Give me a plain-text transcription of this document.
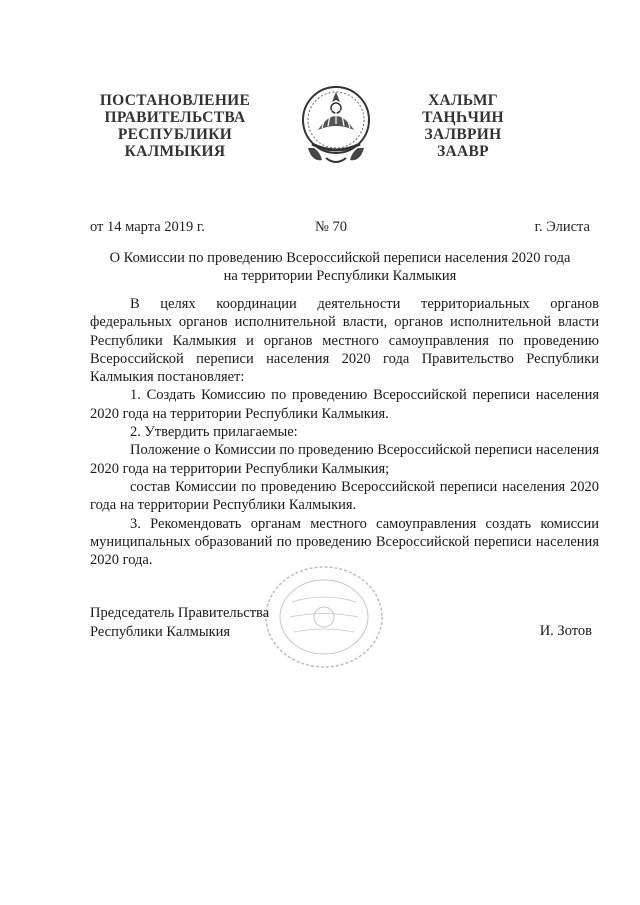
ПОСТАНОВЛЕНИЕ
ПРАВИТЕЛЬСТВА
РЕСПУБЛИКИ
КАЛМЫКИЯ
ХАЛЬМГ
ТАҢҺЧИН
ЗАЛВРИН
ЗААВР
от 14 марта 2019 г.	№ 70	г. Элиста
О Комиссии по проведению Всероссийской переписи населения 2020 года
на территории Республики Калмыкия

В целях координации деятельности территориальных органов федеральных органов исполнительной власти, органов исполнительной власти Республики Калмыкия и органов местного самоуправления по проведению Всероссийской переписи населения 2020 года Правительство Республики Калмыкия постановляет:

1. Создать Комиссию по проведению Всероссийской переписи населения 2020 года на территории Республики Калмыкия.

2. Утвердить прилагаемые:

Положение о Комиссии по проведению Всероссийской переписи населения 2020 года на территории Республики Калмыкия;

состав Комиссии по проведению Всероссийской переписи населения 2020 года на территории Республики Калмыкия.

3. Рекомендовать органам местного самоуправления создать комиссии муниципальных образований по проведению Всероссийской переписи населения 2020 года.

Председатель Правительства
Республики Калмыкия	И. Зотов
